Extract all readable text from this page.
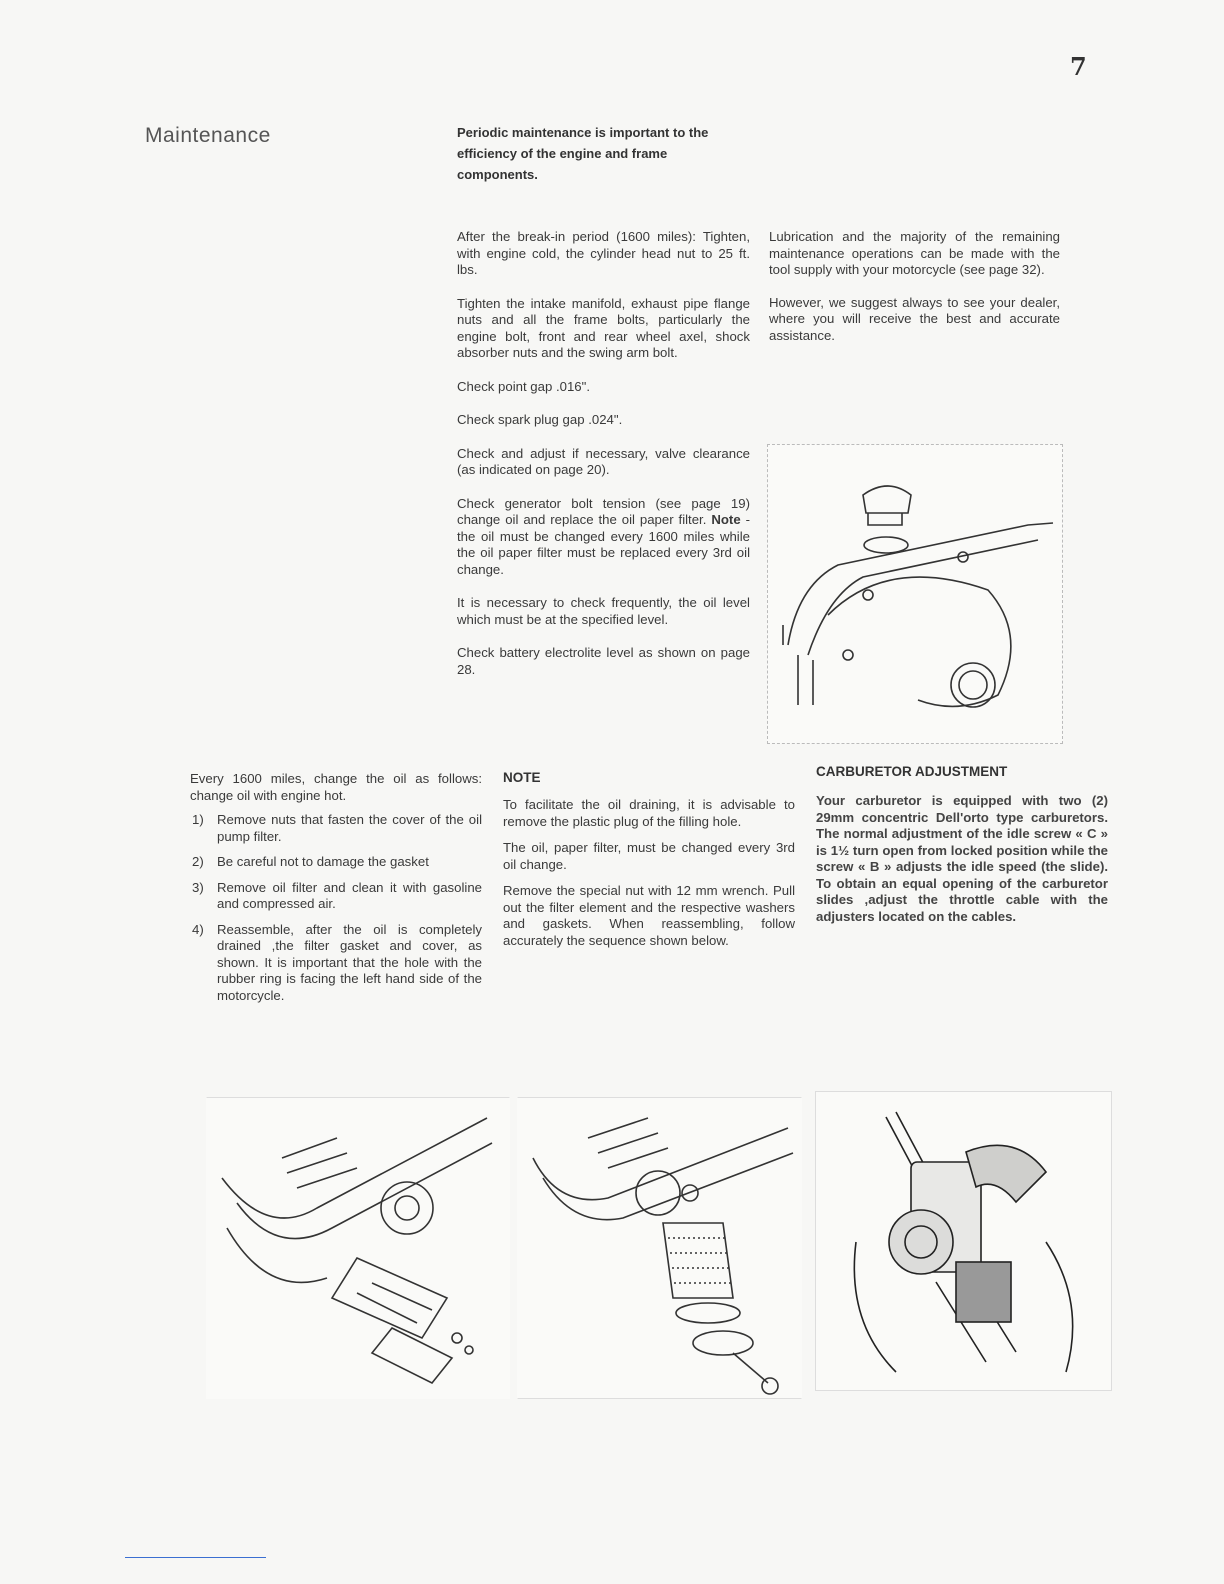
7
Maintenance	Periodic maintenance is important to the efficiency of the engine and frame components.

After the break-in period (1600 miles): Tighten, with engine cold, the cylinder head nut to 25 ft. lbs.

Tighten the intake manifold, exhaust pipe flange nuts and all the frame bolts, particularly the engine bolt, front and rear wheel axel, shock absorber nuts and the swing arm bolt.

Check point gap .016".

Check spark plug gap .024".

Check and adjust if necessary, valve clearance (as indicated on page 20).

Check generator bolt tension (see page 19) change oil and replace the oil paper filter. Note - the oil must be changed every 1600 miles while the oil paper filter must be replaced every 3rd oil change.

It is necessary to check frequently, the oil level which must be at the specified level.

Check battery electrolite level as shown on page 28.

Lubrication and the majority of the remaining maintenance operations can be made with the tool supply with your motorcycle (see page 32).

However, we suggest always to see your dealer, where you will receive the best and accurate assistance.

Every 1600 miles, change the oil as follows: change oil with engine hot.

1) Remove nuts that fasten the cover of the oil pump filter.
2) Be careful not to damage the gasket
3) Remove oil filter and clean it with gasoline and compressed air.
4) Reassemble, after the oil is completely drained ,the filter gasket and cover, as shown. It is important that the hole with the rubber ring is facing the left hand side of the motorcycle.
NOTE

To facilitate the oil draining, it is advisable to remove the plastic plug of the filling hole.

The oil, paper filter, must be changed every 3rd oil change.

Remove the special nut with 12 mm wrench. Pull out the filter element and the respective washers and gaskets. When reassembling, follow accurately the sequence shown below.

CARBURETOR ADJUSTMENT

Your carburetor is equipped with two (2) 29mm concentric Dell'orto type carburetors. The normal adjustment of the idle screw « C » is 1½ turn open from locked position while the screw « B » adjusts the idle speed (the slide). To obtain an equal opening of the carburetor slides ,adjust the throttle cable with the adjusters located on the cables.
